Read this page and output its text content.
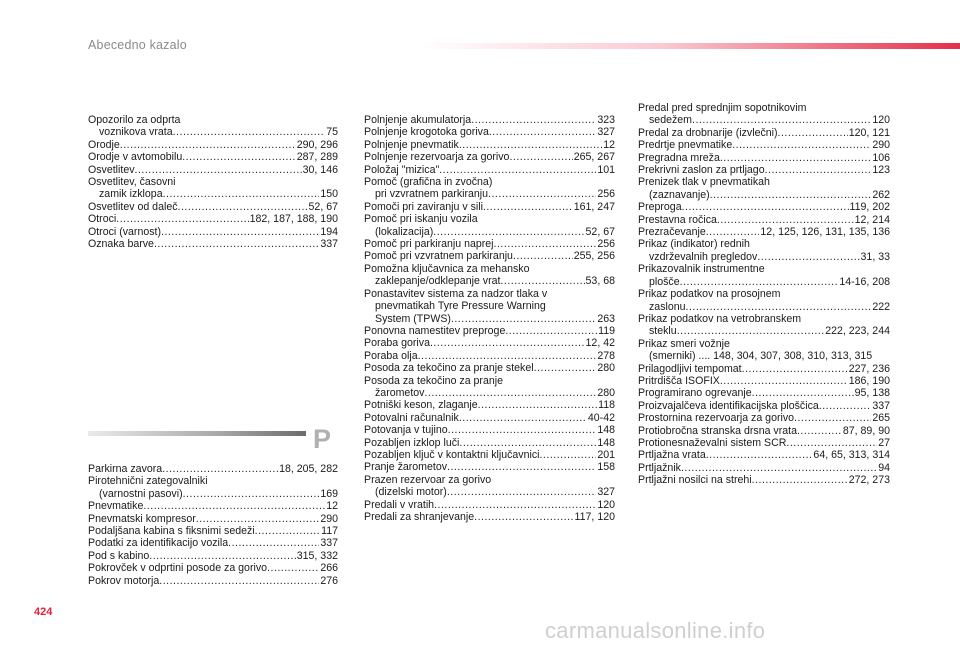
Abecedno kazalo
Opozorilo za odprta
voznikova vrata .....	75
Orodje .....	290, 296
Orodje v avtomobilu .....	287, 289
Osvetlitev .....	30, 146
Osvetlitev, časovni
zamik izklopa .....	150
Osvetlitev od daleč .....	52, 67
Otroci .....	182, 187, 188, 190
Otroci (varnost) .....	194
Oznaka barve .....	337
P
Parkirna zavora .....	18, 205, 282
Pirotehnični zategovalniki
(varnostni pasovi) .....	169
Pnevmatike .....	12
Pnevmatski kompresor .....	290
Podaljšana kabina s fiksnimi sedeži .....	117
Podatki za identifikacijo vozila .....	337
Pod s kabino .....	315, 332
Pokrovček v odprtini posode za gorivo .....	266
Pokrov motorja .....	276
Polnjenje akumulatorja .....	323
Polnjenje krogotoka goriva .....	327
Polnjenje pnevmatik .....	12
Polnjenje rezervoarja za gorivo .....	265, 267
Položaj "mizica" .....	101
Pomoč (grafična in zvočna)
pri vzvratnem parkiranju .....	256
Pomoči pri zaviranju v sili .....	161, 247
Pomoč pri iskanju vozila
(lokalizacija) .....	52, 67
Pomoč pri parkiranju naprej .....	256
Pomoč pri vzvratnem parkiranju .....	255, 256
Pomožna ključavnica za mehansko
zaklepanje/odklepanje vrat .....	53, 68
Ponastavitev sistema za nadzor tlaka v
pnevmatikah Tyre Pressure Warning
System (TPWS) .....	263
Ponovna namestitev preproge .....	119
Poraba goriva .....	12, 42
Poraba olja .....	278
Posoda za tekočino za pranje stekel .....	280
Posoda za tekočino za pranje
žarometov .....	280
Potniški keson, zlaganje .....	118
Potovalni računalnik .....	40-42
Potovanja v tujino .....	148
Pozabljen izklop luči .....	148
Pozabljen ključ v kontaktni ključavnici .....	201
Pranje žarometov .....	158
Prazen rezervoar za gorivo
(dizelski motor) .....	327
Predali v vratih .....	120
Predali za shranjevanje .....	117, 120
Predal pred sprednjim sopotnikovim
sedežem .....	120
Predal za drobnarije (izvlečni) .....	120, 121
Predrtje pnevmatike .....	290
Pregradna mreža .....	106
Prekrivni zaslon za prtljago .....	123
Prenizek tlak v pnevmatikah
(zaznavanje) .....	262
Preproga .....	119, 202
Prestavna ročica .....	12, 214
Prezračevanje .....	12, 125, 126, 131, 135, 136
Prikaz (indikator) rednih
vzdrževalnih pregledov .....	31, 33
Prikazovalnik instrumentne
plošče .....	14-16, 208
Prikaz podatkov na prosojnem
zaslonu .....	222
Prikaz podatkov na vetrobranskem
steklu .....	222, 223, 244
Prikaz smeri vožnje
(smerniki) .... 148, 304, 307, 308, 310, 313, 315
Prilagodljivi tempomat .....	227, 236
Pritrdišča ISOFIX .....	186, 190
Programirano ogrevanje .....	95, 138
Proizvajalčeva identifikacijska ploščica .....	337
Prostornina rezervoarja za gorivo .....	265
Protiobročna stranska drsna vrata .....	87, 89, 90
Protionesnaževalni sistem SCR .....	27
Prtljažna vrata .....	64, 65, 313, 314
Prtljažnik .....	94
Prtljažni nosilci na strehi .....	272, 273
424
carmanualsonline.info
